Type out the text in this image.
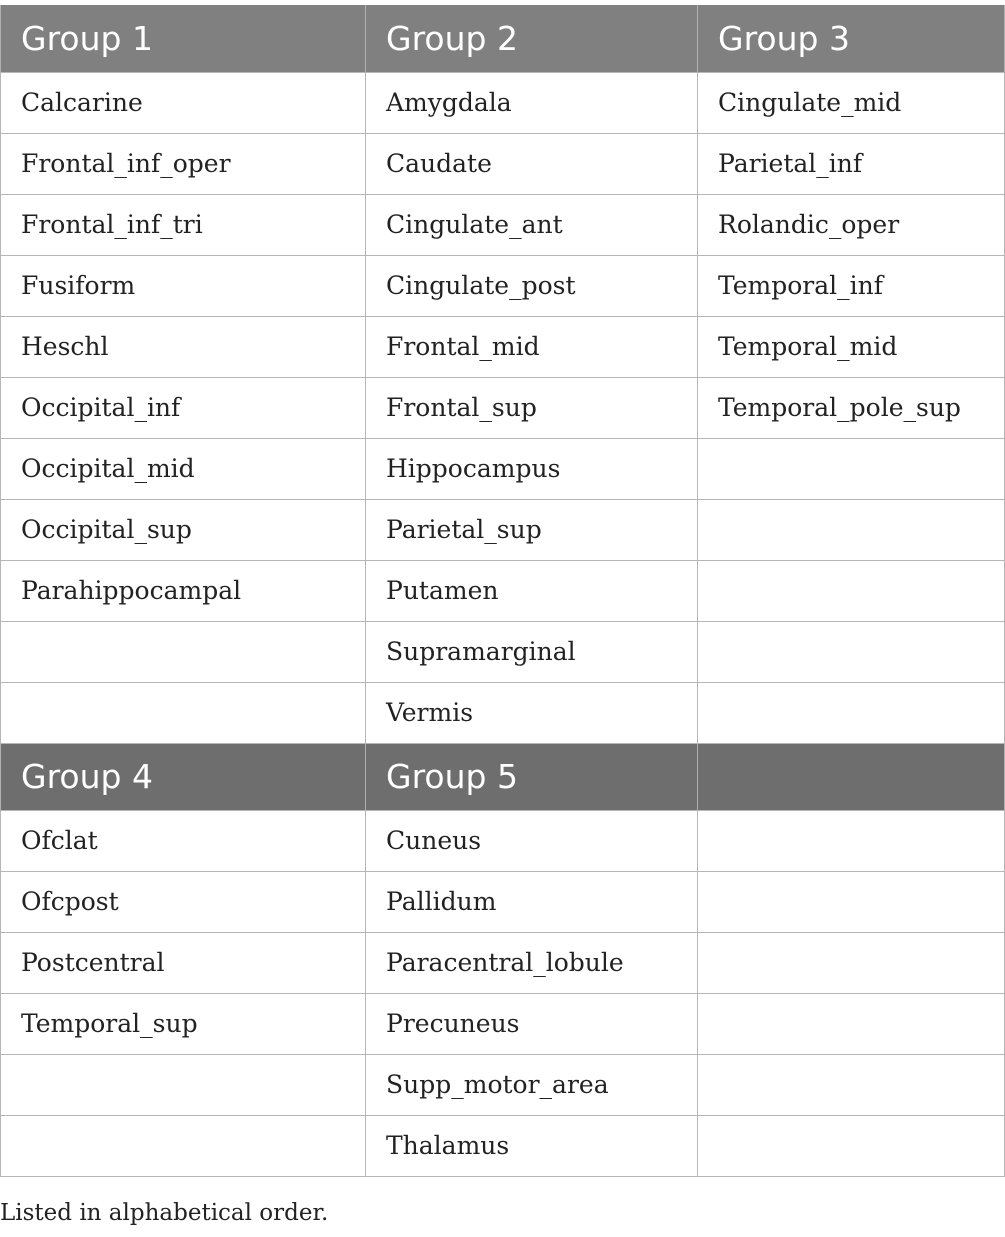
Group 1	Group 2	Group 3
Calcarine	Amygdala	Cingulate_mid
Frontal_inf_oper	Caudate	Parietal_inf
Frontal_inf_tri	Cingulate_ant	Rolandic_oper
Fusiform	Cingulate_post	Temporal_inf
Heschl	Frontal_mid	Temporal_mid
Occipital_inf	Frontal_sup	Temporal_pole_sup
Occipital_mid	Hippocampus	
Occipital_sup	Parietal_sup	
Parahippocampal	Putamen	
	Supramarginal	
	Vermis	
Group 4	Group 5	
Ofclat	Cuneus	
Ofcpost	Pallidum	
Postcentral	Paracentral_lobule	
Temporal_sup	Precuneus	
	Supp_motor_area	
	Thalamus	
Listed in alphabetical order.
